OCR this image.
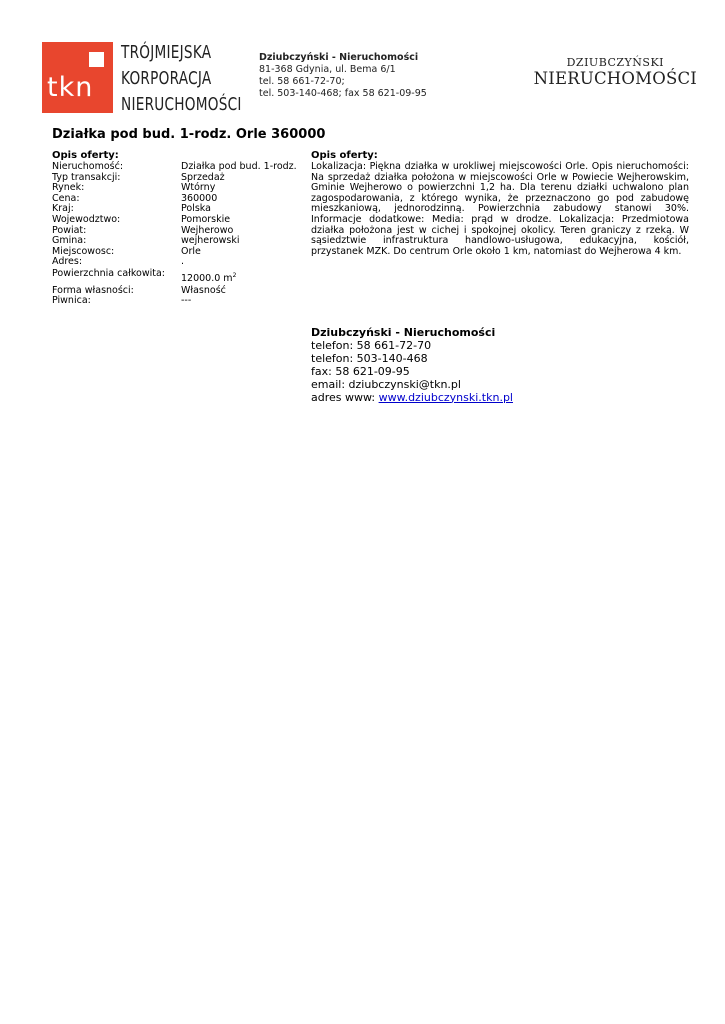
tkn
TRÓJMIEJSKA
KORPORACJA
NIERUCHOMOŚCI
Dziubczyński - Nieruchomości
81-368 Gdynia, ul. Bema 6/1
tel. 58 661-72-70;
tel. 503-140-468; fax 58 621-09-95
DZIUBCZYŃSKI
NIERUCHOMOŚCI
Działka pod bud. 1-rodz. Orle 360000
Opis oferty:
Nieruchomość:	Działka pod bud. 1-rodz.
Typ transakcji:	Sprzedaż
Rynek:	Wtórny
Cena:	360000
Kraj:	Polska
Wojewodztwo:	Pomorskie
Powiat:	Wejherowo
Gmina:	wejherowski
Miejscowosc:	Orle
Adres:	.
Powierzchnia całkowita:	12000.0 $m^2$
Forma własności:	Własność
Piwnica:	---
Opis oferty:
Lokalizacja: Piękna działka w urokliwej miejscowości Orle. Opis nieruchomości: Na sprzedaż działka położona w miejscowości Orle w Powiecie Wejherowskim, Gminie Wejherowo o powierzchni 1,2 ha. Dla terenu działki uchwalono plan zagospodarowania, z którego wynika, że przeznaczono go pod zabudowę mieszkaniową, jednorodzinną. Powierzchnia zabudowy stanowi 30%. Informacje dodatkowe: Media: prąd w drodze. Lokalizacja: Przedmiotowa działka położona jest w cichej i spokojnej okolicy. Teren graniczy z rzeką. W sąsiedztwie infrastruktura handlowo-usługowa, edukacyjna, kościół, przystanek MZK. Do centrum Orle około 1 km, natomiast do Wejherowa 4 km.
Dziubczyński - Nieruchomości
telefon: 58 661-72-70
telefon: 503-140-468
fax: 58 621-09-95
email: dziubczynski@tkn.pl
adres www: www.dziubczynski.tkn.pl
